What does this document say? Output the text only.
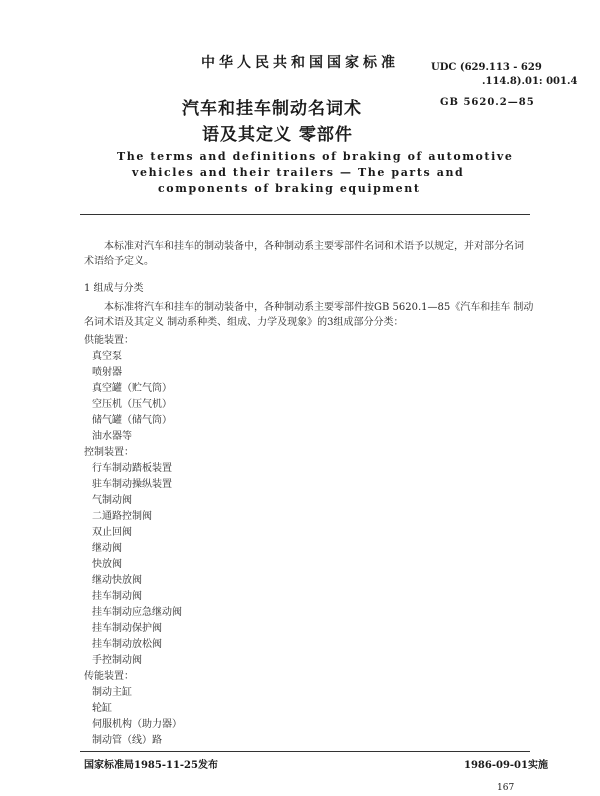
中华人民共和国国家标准	UDC (629.113 - 629
.114.8).01: 001.4
GB 5620.2—85
汽车和挂车制动名词术
语及其定义 零部件
The terms and definitions of braking of automotive
vehicles and their trailers — The parts and
components of braking equipment
本标准对汽车和挂车的制动装备中，各种制动系主要零部件名词和术语予以规定，并对部分名词
术语给予定义。
1 组成与分类
本标准将汽车和挂车的制动装备中，各种制动系主要零部件按GB 5620.1—85《汽车和挂车 制动
名词术语及其定义 制动系种类、组成、力学及现象》的3组成部分分类：
供能装置：
真空泵
喷射器
真空罐（贮气筒）
空压机（压气机）
储气罐（储气筒）
油水器等
控制装置：
行车制动踏板装置
驻车制动操纵装置
气制动阀
二通路控制阀
双止回阀
继动阀
快放阀
继动快放阀
挂车制动阀
挂车制动应急继动阀
挂车制动保护阀
挂车制动放松阀
手控制动阀
传能装置：
制动主缸
轮缸
伺服机构（助力器）
制动管（线）路
国家标准局1985-11-25发布	1986-09-01实施
167
